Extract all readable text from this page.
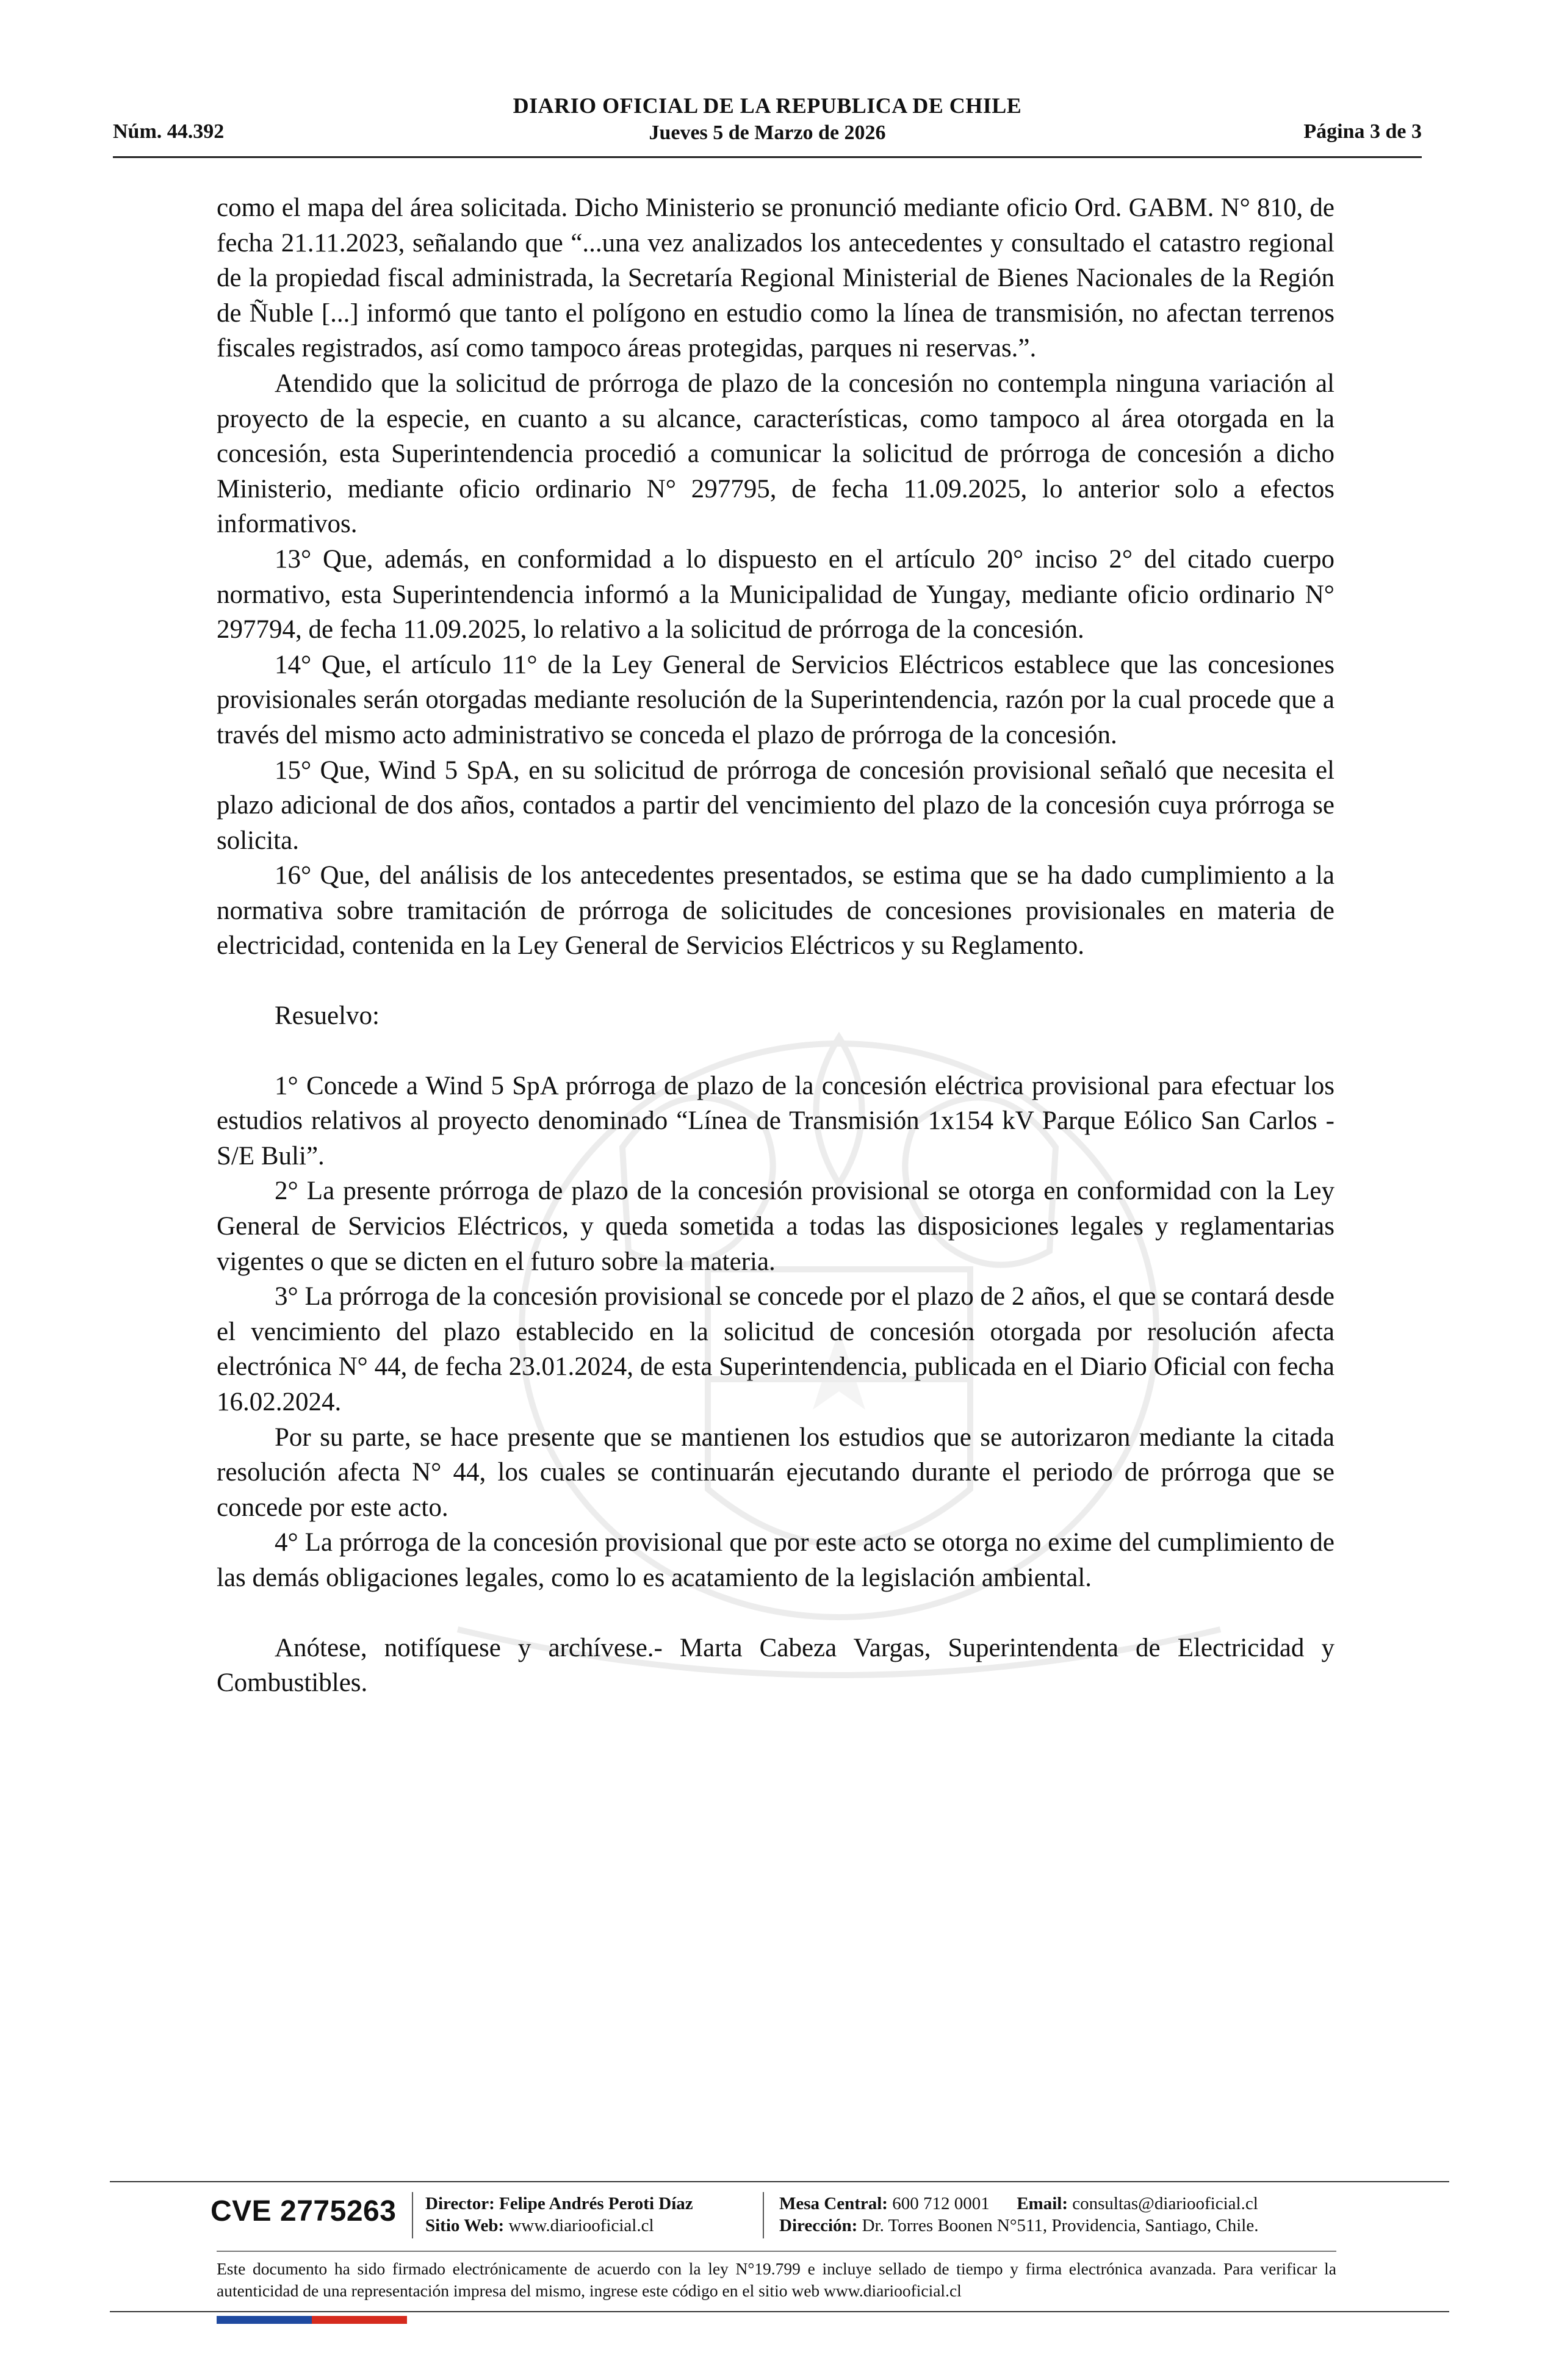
DIARIO OFICIAL DE LA REPUBLICA DE CHILE
Jueves 5 de Marzo de 2026
Núm. 44.392	Página 3 de 3

como el mapa del área solicitada. Dicho Ministerio se pronunció mediante oficio Ord. GABM. N° 810, de fecha 21.11.2023, señalando que “...una vez analizados los antecedentes y consultado el catastro regional de la propiedad fiscal administrada, la Secretaría Regional Ministerial de Bienes Nacionales de la Región de Ñuble [...] informó que tanto el polígono en estudio como la línea de transmisión, no afectan terrenos fiscales registrados, así como tampoco áreas protegidas, parques ni reservas.”.

Atendido que la solicitud de prórroga de plazo de la concesión no contempla ninguna variación al proyecto de la especie, en cuanto a su alcance, características, como tampoco al área otorgada en la concesión, esta Superintendencia procedió a comunicar la solicitud de prórroga de concesión a dicho Ministerio, mediante oficio ordinario N° 297795, de fecha 11.09.2025, lo anterior solo a efectos informativos.

13° Que, además, en conformidad a lo dispuesto en el artículo 20° inciso 2° del citado cuerpo normativo, esta Superintendencia informó a la Municipalidad de Yungay, mediante oficio ordinario N° 297794, de fecha 11.09.2025, lo relativo a la solicitud de prórroga de la concesión.

14° Que, el artículo 11° de la Ley General de Servicios Eléctricos establece que las concesiones provisionales serán otorgadas mediante resolución de la Superintendencia, razón por la cual procede que a través del mismo acto administrativo se conceda el plazo de prórroga de la concesión.

15° Que, Wind 5 SpA, en su solicitud de prórroga de concesión provisional señaló que necesita el plazo adicional de dos años, contados a partir del vencimiento del plazo de la concesión cuya prórroga se solicita.

16° Que, del análisis de los antecedentes presentados, se estima que se ha dado cumplimiento a la normativa sobre tramitación de prórroga de solicitudes de concesiones provisionales en materia de electricidad, contenida en la Ley General de Servicios Eléctricos y su Reglamento.

Resuelvo:

1° Concede a Wind 5 SpA prórroga de plazo de la concesión eléctrica provisional para efectuar los estudios relativos al proyecto denominado “Línea de Transmisión 1x154 kV Parque Eólico San Carlos - S/E Buli”.

2° La presente prórroga de plazo de la concesión provisional se otorga en conformidad con la Ley General de Servicios Eléctricos, y queda sometida a todas las disposiciones legales y reglamentarias vigentes o que se dicten en el futuro sobre la materia.

3° La prórroga de la concesión provisional se concede por el plazo de 2 años, el que se contará desde el vencimiento del plazo establecido en la solicitud de concesión otorgada por resolución afecta electrónica N° 44, de fecha 23.01.2024, de esta Superintendencia, publicada en el Diario Oficial con fecha 16.02.2024.

Por su parte, se hace presente que se mantienen los estudios que se autorizaron mediante la citada resolución afecta N° 44, los cuales se continuarán ejecutando durante el periodo de prórroga que se concede por este acto.

4° La prórroga de la concesión provisional que por este acto se otorga no exime del cumplimiento de las demás obligaciones legales, como lo es acatamiento de la legislación ambiental.

Anótese, notifíquese y archívese.- Marta Cabeza Vargas, Superintendenta de Electricidad y Combustibles.

CVE 2775263 Director: Felipe Andrés Peroti Díaz
Sitio Web: www.diariooficial.cl
Mesa Central: 600 712 0001 Email: consultas@diariooficial.cl
Dirección: Dr. Torres Boonen N°511, Providencia, Santiago, Chile.
Este documento ha sido firmado electrónicamente de acuerdo con la ley N°19.799 e incluye sellado de tiempo y firma electrónica avanzada. Para verificar la autenticidad de una representación impresa del mismo, ingrese este código en el sitio web www.diariooficial.cl
